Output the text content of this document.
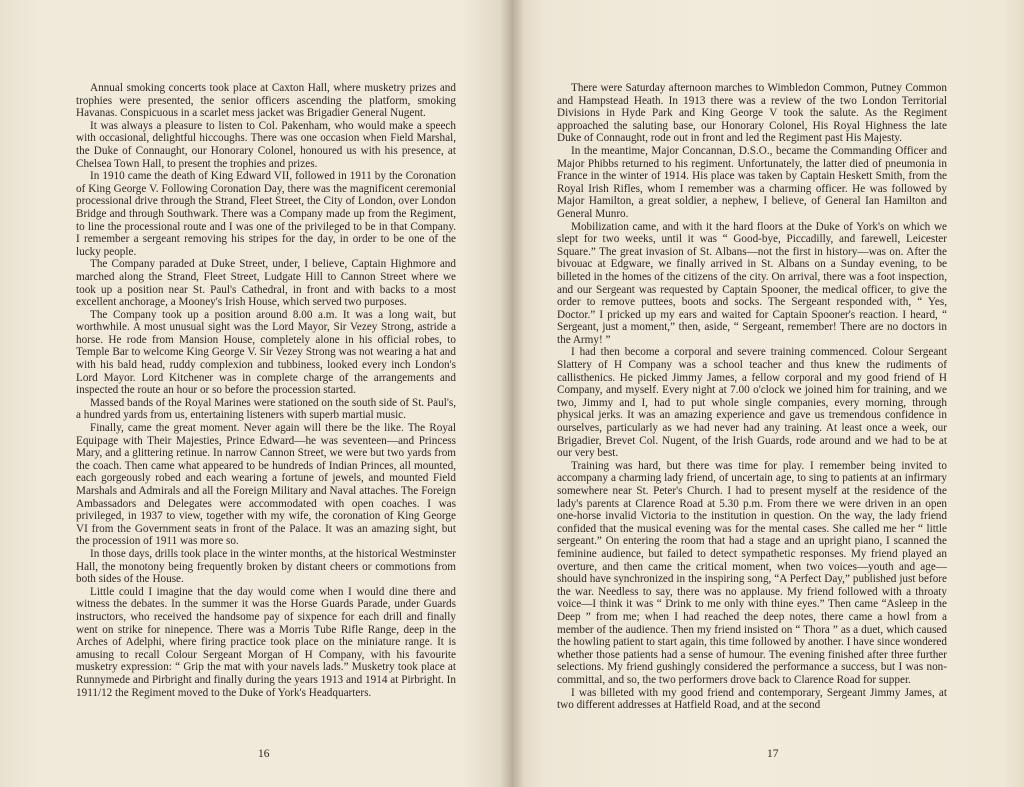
Annual smoking concerts took place at Caxton Hall, where musketry prizes and trophies were presented, the senior officers ascending the platform, smoking Havanas. Conspicuous in a scarlet mess jacket was Brigadier General Nugent.

It was always a pleasure to listen to Col. Pakenham, who would make a speech with occasional, delightful hiccoughs. There was one occasion when Field Marshal, the Duke of Connaught, our Honorary Colonel, honoured us with his presence, at Chelsea Town Hall, to present the trophies and prizes.

In 1910 came the death of King Edward VII, followed in 1911 by the Coronation of King George V. Following Coronation Day, there was the magnificent ceremonial processional drive through the Strand, Fleet Street, the City of London, over London Bridge and through Southwark. There was a Company made up from the Regiment, to line the processional route and I was one of the privileged to be in that Company. I remember a sergeant removing his stripes for the day, in order to be one of the lucky people.

The Company paraded at Duke Street, under, I believe, Captain Highmore and marched along the Strand, Fleet Street, Ludgate Hill to Cannon Street where we took up a position near St. Paul's Cathedral, in front and with backs to a most excellent anchorage, a Mooney's Irish House, which served two purposes.

The Company took up a position around 8.00 a.m. It was a long wait, but worthwhile. A most unusual sight was the Lord Mayor, Sir Vezey Strong, astride a horse. He rode from Mansion House, completely alone in his official robes, to Temple Bar to welcome King George V. Sir Vezey Strong was not wearing a hat and with his bald head, ruddy complexion and tubbiness, looked every inch London's Lord Mayor. Lord Kitchener was in complete charge of the arrangements and inspected the route an hour or so before the procession started.

Massed bands of the Royal Marines were stationed on the south side of St. Paul's, a hundred yards from us, entertaining listeners with superb martial music.

Finally, came the great moment. Never again will there be the like. The Royal Equipage with Their Majesties, Prince Edward—he was seventeen—and Princess Mary, and a glittering retinue. In narrow Cannon Street, we were but two yards from the coach. Then came what appeared to be hundreds of Indian Princes, all mounted, each gorgeously robed and each wearing a fortune of jewels, and mounted Field Marshals and Admirals and all the Foreign Military and Naval attaches. The Foreign Ambassadors and Delegates were accommodated with open coaches. I was privileged, in 1937 to view, together with my wife, the coronation of King George VI from the Government seats in front of the Palace. It was an amazing sight, but the procession of 1911 was more so.

In those days, drills took place in the winter months, at the historical Westminster Hall, the monotony being frequently broken by distant cheers or commotions from both sides of the House.

Little could I imagine that the day would come when I would dine there and witness the debates. In the summer it was the Horse Guards Parade, under Guards instructors, who received the handsome pay of sixpence for each drill and finally went on strike for ninepence. There was a Morris Tube Rifle Range, deep in the Arches of Adelphi, where firing practice took place on the miniature range. It is amusing to recall Colour Sergeant Morgan of H Company, with his favourite musketry expression: “ Grip the mat with your navels lads.” Musketry took place at Runnymede and Pirbright and finally during the years 1913 and 1914 at Pirbright. In 1911/12 the Regiment moved to the Duke of York's Headquarters.

16

There were Saturday afternoon marches to Wimbledon Common, Putney Common and Hampstead Heath. In 1913 there was a review of the two London Territorial Divisions in Hyde Park and King George V took the salute. As the Regiment approached the saluting base, our Honorary Colonel, His Royal Highness the late Duke of Connaught, rode out in front and led the Regiment past His Majesty.

In the meantime, Major Concannan, D.S.O., became the Commanding Officer and Major Phibbs returned to his regiment. Unfortunately, the latter died of pneumonia in France in the winter of 1914. His place was taken by Captain Heskett Smith, from the Royal Irish Rifles, whom I remember was a charming officer. He was followed by Major Hamilton, a great soldier, a nephew, I believe, of General Ian Hamilton and General Munro.

Mobilization came, and with it the hard floors at the Duke of York's on which we slept for two weeks, until it was “ Good-bye, Piccadilly, and farewell, Leicester Square.” The great invasion of St. Albans—not the first in history—was on. After the bivouac at Edgware, we finally arrived in St. Albans on a Sunday evening, to be billeted in the homes of the citizens of the city. On arrival, there was a foot inspection, and our Sergeant was requested by Captain Spooner, the medical officer, to give the order to remove puttees, boots and socks. The Sergeant responded with, “ Yes, Doctor.” I pricked up my ears and waited for Captain Spooner's reaction. I heard, “ Sergeant, just a moment,” then, aside, “ Sergeant, remember! There are no doctors in the Army! ”

I had then become a corporal and severe training commenced. Colour Sergeant Slattery of H Company was a school teacher and thus knew the rudiments of callisthenics. He picked Jimmy James, a fellow corporal and my good friend of H Company, and myself. Every night at 7.00 o'clock we joined him for training, and we two, Jimmy and I, had to put whole single companies, every morning, through physical jerks. It was an amazing experience and gave us tremendous confidence in ourselves, particularly as we had never had any training. At least once a week, our Brigadier, Brevet Col. Nugent, of the Irish Guards, rode around and we had to be at our very best.

Training was hard, but there was time for play. I remember being invited to accompany a charming lady friend, of uncertain age, to sing to patients at an infirmary somewhere near St. Peter's Church. I had to present myself at the residence of the lady's parents at Clarence Road at 5.30 p.m. From there we were driven in an open one-horse invalid Victoria to the institution in question. On the way, the lady friend confided that the musical evening was for the mental cases. She called me her “ little sergeant.” On entering the room that had a stage and an upright piano, I scanned the feminine audience, but failed to detect sympathetic responses. My friend played an overture, and then came the critical moment, when two voices—youth and age—should have synchronized in the inspiring song, “A Perfect Day,” published just before the war. Needless to say, there was no applause. My friend followed with a throaty voice—I think it was “ Drink to me only with thine eyes.” Then came “Asleep in the Deep ” from me; when I had reached the deep notes, there came a howl from a member of the audience. Then my friend insisted on “ Thora ” as a duet, which caused the howling patient to start again, this time followed by another. I have since wondered whether those patients had a sense of humour. The evening finished after three further selections. My friend gushingly considered the performance a success, but I was non-committal, and so, the two performers drove back to Clarence Road for supper.

I was billeted with my good friend and contemporary, Sergeant Jimmy James, at two different addresses at Hatfield Road, and at the second

17
